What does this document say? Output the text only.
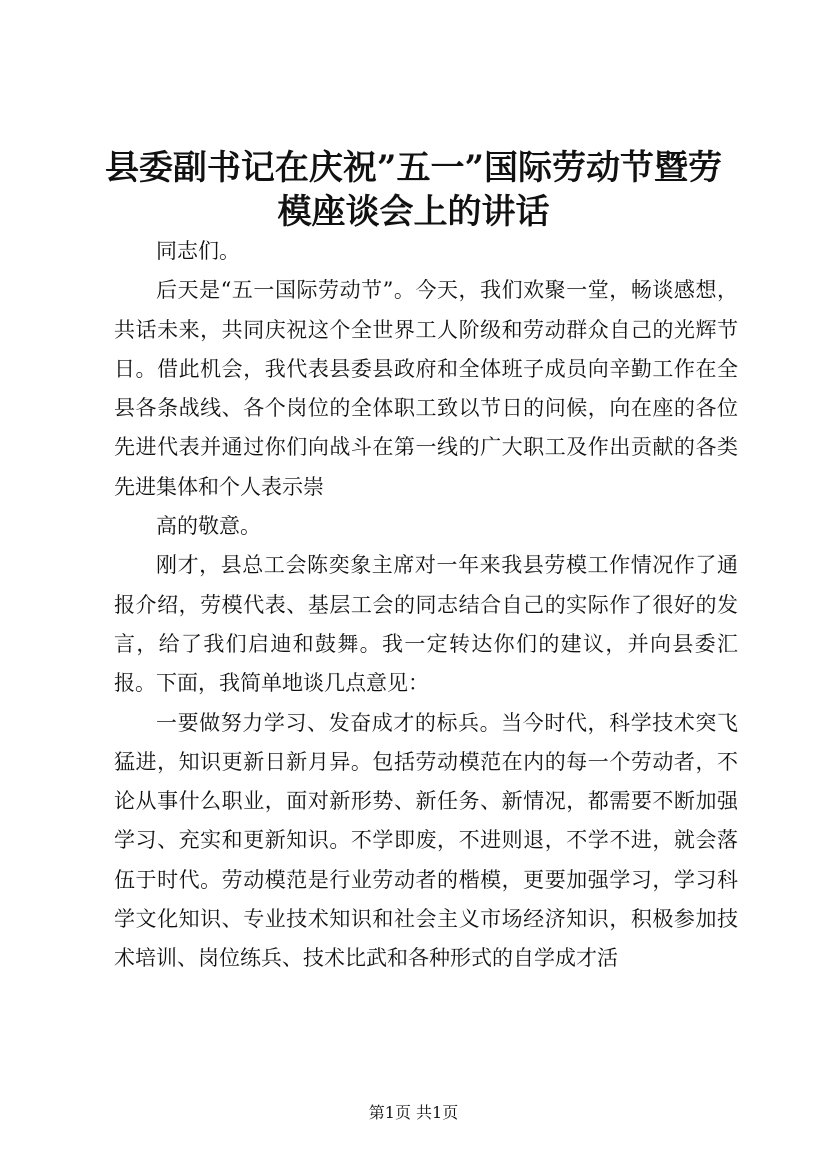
县委副书记在庆祝”五一”国际劳动节暨劳模座谈会上的讲话

同志们。

后天是“五一国际劳动节”。今天，我们欢聚一堂，畅谈感想，共话未来，共同庆祝这个全世界工人阶级和劳动群众自己的光辉节日。借此机会，我代表县委县政府和全体班子成员向辛勤工作在全县各条战线、各个岗位的全体职工致以节日的问候，向在座的各位先进代表并通过你们向战斗在第一线的广大职工及作出贡献的各类先进集体和个人表示崇

高的敬意。

刚才，县总工会陈奕象主席对一年来我县劳模工作情况作了通报介绍，劳模代表、基层工会的同志结合自己的实际作了很好的发言，给了我们启迪和鼓舞。我一定转达你们的建议，并向县委汇报。下面，我简单地谈几点意见：

一要做努力学习、发奋成才的标兵。当今时代，科学技术突飞猛进，知识更新日新月异。包括劳动模范在内的每一个劳动者，不论从事什么职业，面对新形势、新任务、新情况，都需要不断加强学习、充实和更新知识。不学即废，不进则退，不学不进，就会落伍于时代。劳动模范是行业劳动者的楷模，更要加强学习，学习科学文化知识、专业技术知识和社会主义市场经济知识，积极参加技术培训、岗位练兵、技术比武和各种形式的自学成才活

第1页 共1页
